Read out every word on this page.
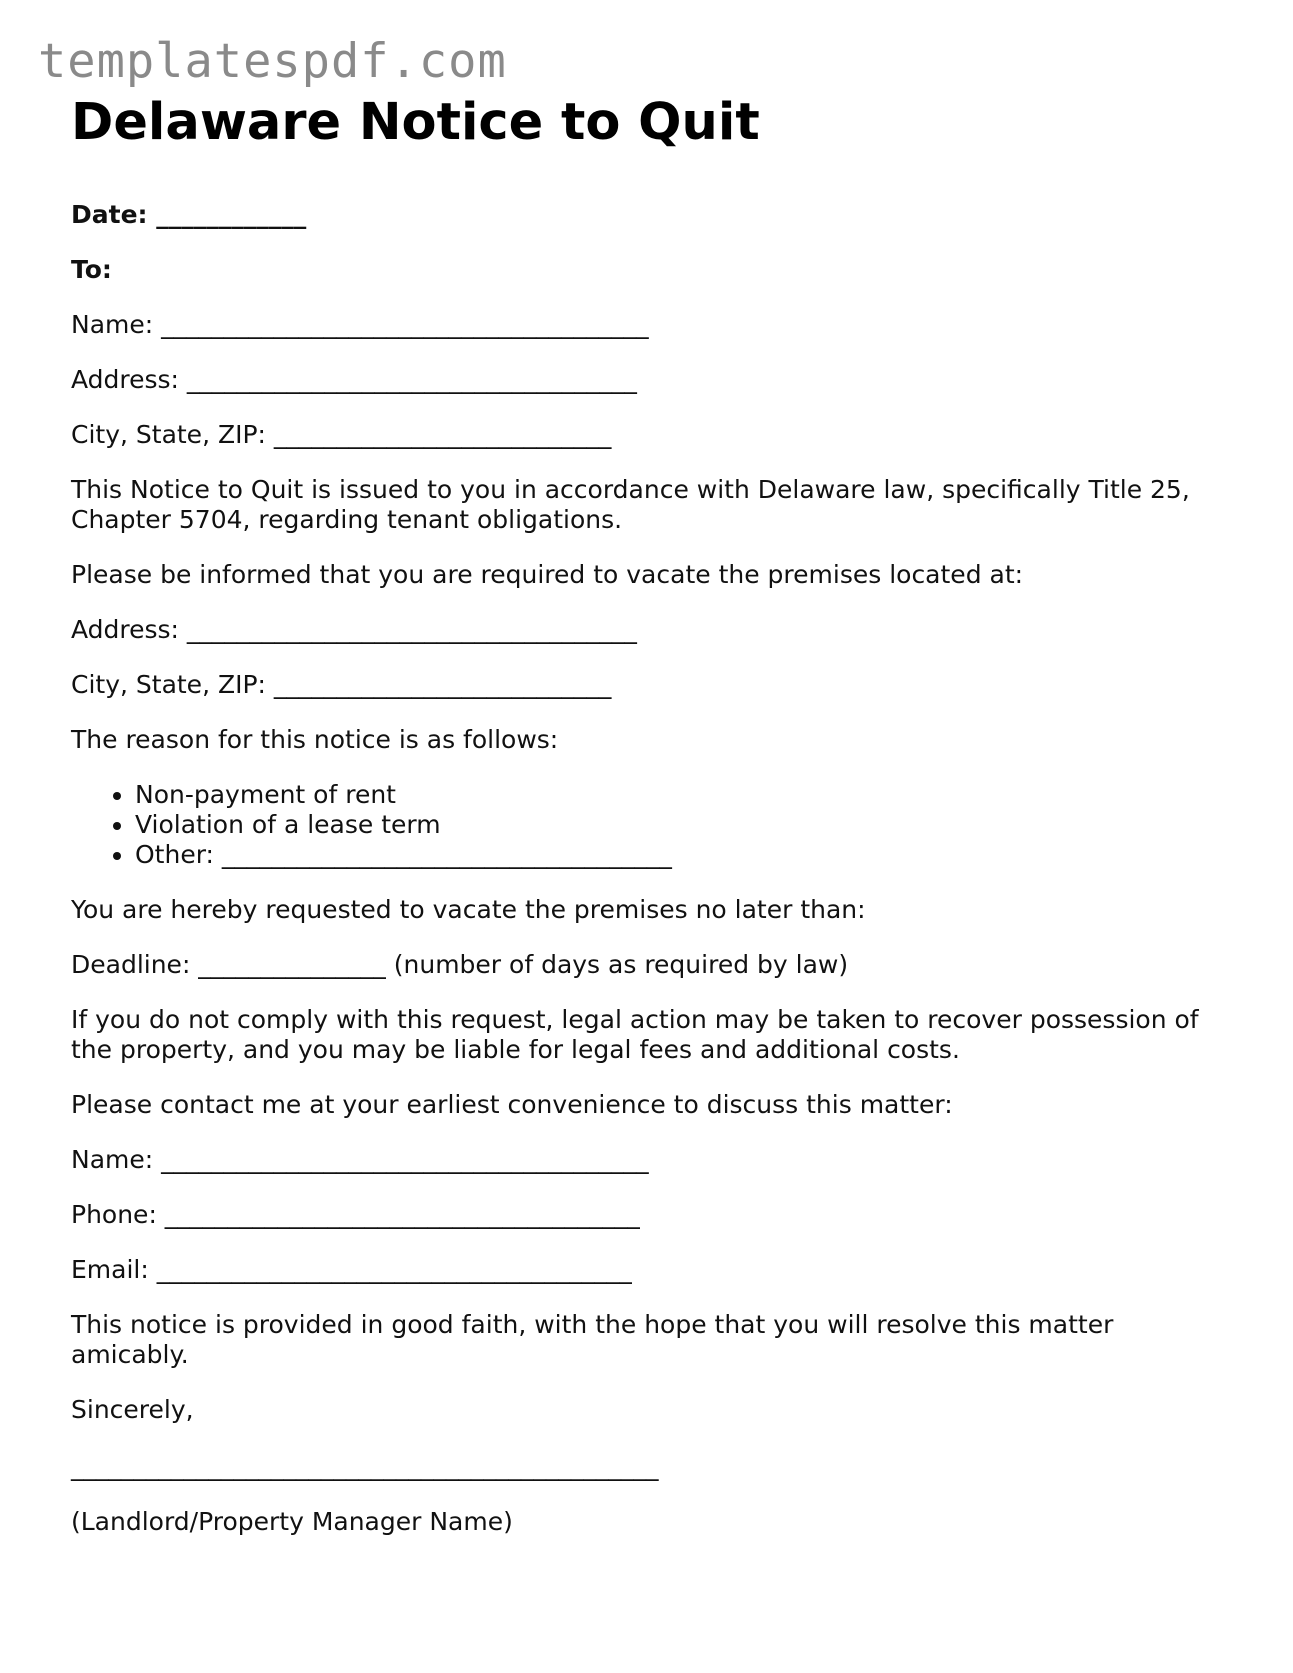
templatespdf.com
Delaware Notice to Quit

Date: ____________

To:

Name: _______________________________________

Address: ____________________________________

City, State, ZIP: ___________________________

This Notice to Quit is issued to you in accordance with Delaware law, specifically Title 25, Chapter 5704, regarding tenant obligations.

Please be informed that you are required to vacate the premises located at:

Address: ____________________________________

City, State, ZIP: ___________________________

The reason for this notice is as follows:

• Non-payment of rent
• Violation of a lease term
• Other: ____________________________________

You are hereby requested to vacate the premises no later than:

Deadline: _______________ (number of days as required by law)

If you do not comply with this request, legal action may be taken to recover possession of the property, and you may be liable for legal fees and additional costs.

Please contact me at your earliest convenience to discuss this matter:

Name: _______________________________________

Phone: ______________________________________

Email: ______________________________________

This notice is provided in good faith, with the hope that you will resolve this matter amicably.

Sincerely,

_______________________________________________

(Landlord/Property Manager Name)
